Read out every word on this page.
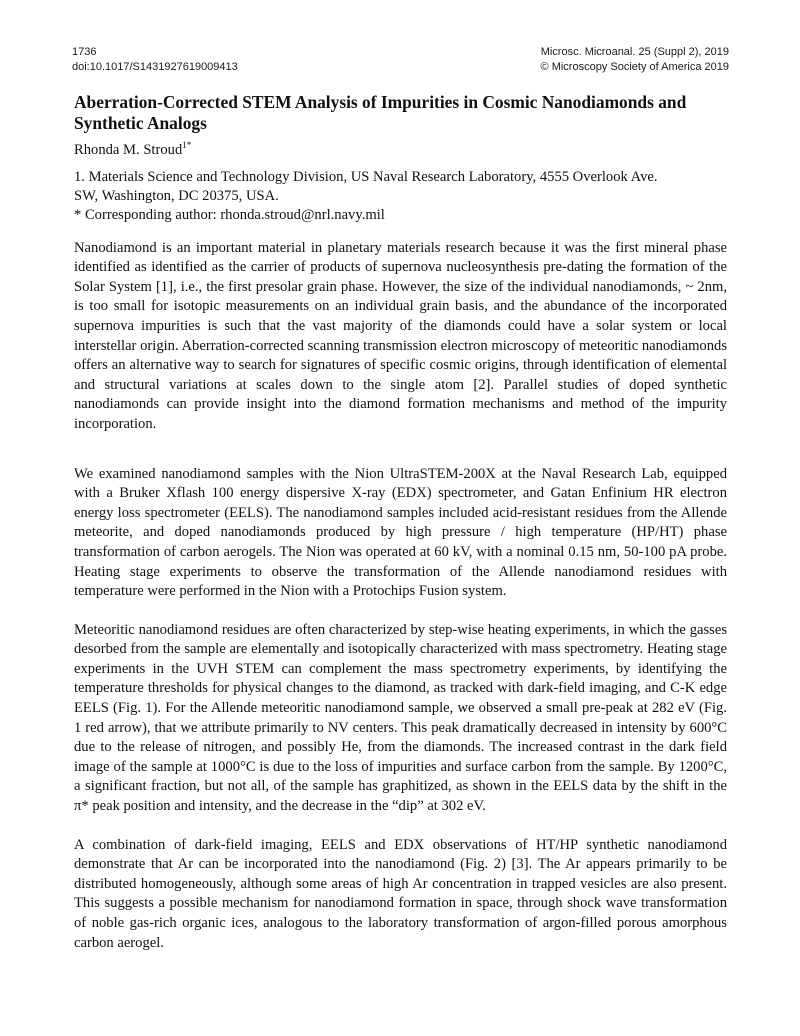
1736
doi:10.1017/S1431927619009413
Microsc. Microanal. 25 (Suppl 2), 2019
© Microscopy Society of America 2019
Aberration-Corrected STEM Analysis of Impurities in Cosmic Nanodiamonds and Synthetic Analogs

Rhonda M. Stroud$^{1*}$

1. Materials Science and Technology Division, US Naval Research Laboratory, 4555 Overlook Ave.
SW, Washington, DC 20375, USA.
* Corresponding author: rhonda.stroud@nrl.navy.mil

Nanodiamond is an important material in planetary materials research because it was the first mineral phase identified as identified as the carrier of products of supernova nucleosynthesis pre-dating the formation of the Solar System [1], i.e., the first presolar grain phase. However, the size of the individual nanodiamonds, ~ 2nm, is too small for isotopic measurements on an individual grain basis, and the abundance of the incorporated supernova impurities is such that the vast majority of the diamonds could have a solar system or local interstellar origin. Aberration-corrected scanning transmission electron microscopy of meteoritic nanodiamonds offers an alternative way to search for signatures of specific cosmic origins, through identification of elemental and structural variations at scales down to the single atom [2]. Parallel studies of doped synthetic nanodiamonds can provide insight into the diamond formation mechanisms and method of the impurity incorporation.

We examined nanodiamond samples with the Nion UltraSTEM-200X at the Naval Research Lab, equipped with a Bruker Xflash 100 energy dispersive X-ray (EDX) spectrometer, and Gatan Enfinium HR electron energy loss spectrometer (EELS). The nanodiamond samples included acid-resistant residues from the Allende meteorite, and doped nanodiamonds produced by high pressure / high temperature (HP/HT) phase transformation of carbon aerogels. The Nion was operated at 60 kV, with a nominal 0.15 nm, 50-100 pA probe. Heating stage experiments to observe the transformation of the Allende nanodiamond residues with temperature were performed in the Nion with a Protochips Fusion system.

Meteoritic nanodiamond residues are often characterized by step-wise heating experiments, in which the gasses desorbed from the sample are elementally and isotopically characterized with mass spectrometry. Heating stage experiments in the UVH STEM can complement the mass spectrometry experiments, by identifying the temperature thresholds for physical changes to the diamond, as tracked with dark-field imaging, and C-K edge EELS (Fig. 1). For the Allende meteoritic nanodiamond sample, we observed a small pre-peak at 282 eV (Fig. 1 red arrow), that we attribute primarily to NV centers. This peak dramatically decreased in intensity by 600°C due to the release of nitrogen, and possibly He, from the diamonds. The increased contrast in the dark field image of the sample at 1000°C is due to the loss of impurities and surface carbon from the sample. By 1200°C, a significant fraction, but not all, of the sample has graphitized, as shown in the EELS data by the shift in the π* peak position and intensity, and the decrease in the “dip” at 302 eV.

A combination of dark-field imaging, EELS and EDX observations of HT/HP synthetic nanodiamond demonstrate that Ar can be incorporated into the nanodiamond (Fig. 2) [3]. The Ar appears primarily to be distributed homogeneously, although some areas of high Ar concentration in trapped vesicles are also present. This suggests a possible mechanism for nanodiamond formation in space, through shock wave transformation of noble gas-rich organic ices, analogous to the laboratory transformation of argon-filled porous amorphous carbon aerogel.
